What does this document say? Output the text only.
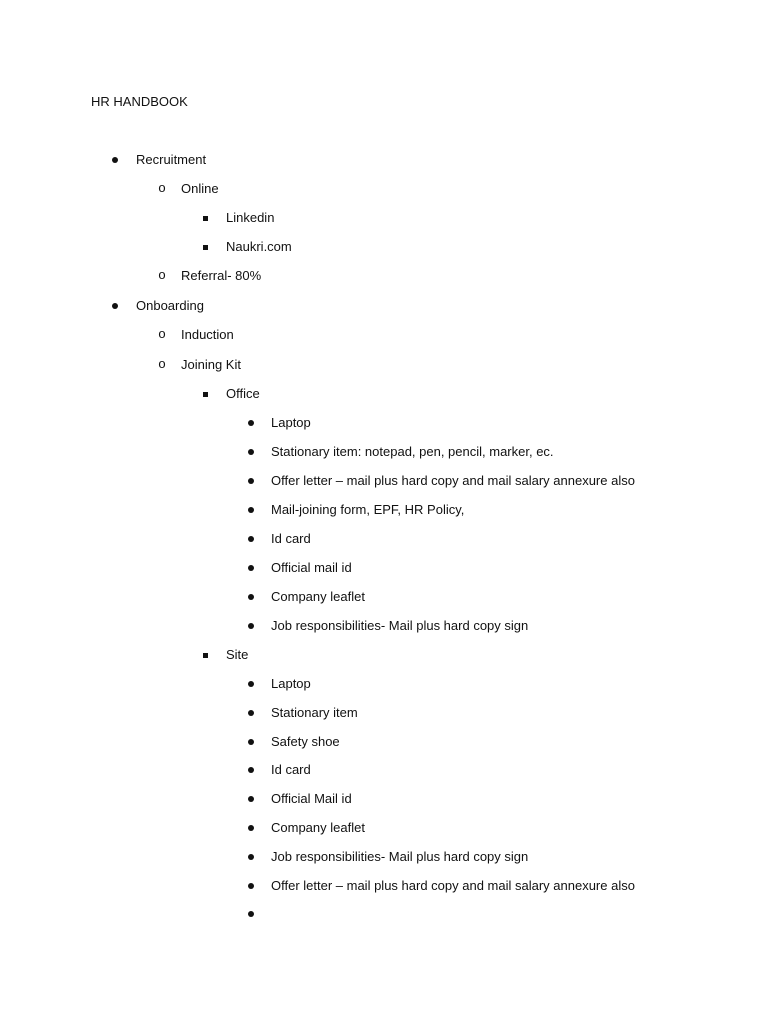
HR HANDBOOK
Recruitment
o Online
Linkedin
Naukri.com
o Referral- 80%
Onboarding
o Induction
o Joining Kit
Office
Laptop
Stationary item: notepad, pen, pencil, marker, ec.
Offer letter – mail plus hard copy and mail salary annexure also
Mail-joining form, EPF, HR Policy,
Id card
Official mail id
Company leaflet
Job responsibilities- Mail plus hard copy sign
Site
Laptop
Stationary item
Safety shoe
Id card
Official Mail id
Company leaflet
Job responsibilities- Mail plus hard copy sign
Offer letter – mail plus hard copy and mail salary annexure also
